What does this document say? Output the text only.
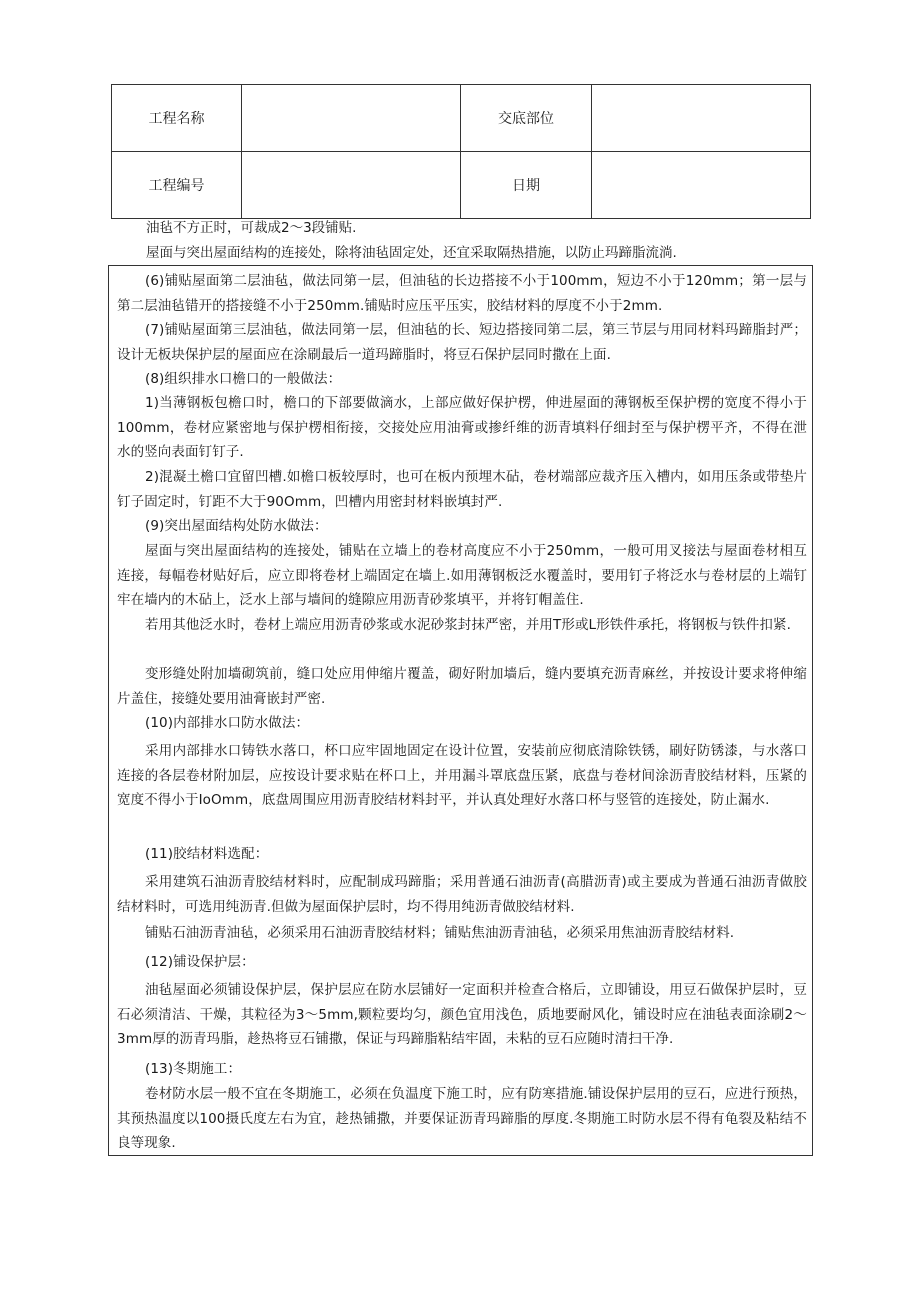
工程名称		交底部位	
工程编号		日期	
油毡不方正时，可裁成2～3段铺贴.
屋面与突出屋面结构的连接处，除将油毡固定处，还宜采取隔热措施，以防止玛蹄脂流淌.
(6)铺贴屋面第二层油毡，做法同第一层，但油毡的长边搭接不小于100mm，短边不小于120mm；第一层与第二层油毡错开的搭接缝不小于250mm.铺贴时应压平压实，胶结材料的厚度不小于2mm.
(7)铺贴屋面第三层油毡，做法同第一层，但油毡的长、短边搭接同第二层，第三节层与用同材料玛蹄脂封严；设计无板块保护层的屋面应在涂刷最后一道玛蹄脂时，将豆石保护层同时撒在上面.
(8)组织排水口檐口的一般做法：
1)当薄钢板包檐口时，檐口的下部要做滴水，上部应做好保护楞，伸进屋面的薄钢板至保护楞的宽度不得小于100mm，卷材应紧密地与保护楞相衔接，交接处应用油膏或掺纤维的沥青填料仔细封至与保护楞平齐，不得在泄水的竖向表面钉钉子.
2)混凝土檐口宜留凹槽.如檐口板较厚时，也可在板内预埋木砧，卷材端部应裁齐压入槽内，如用压条或带垫片钉子固定时，钉距不大于90Omm，凹槽内用密封材料嵌填封严.
(9)突出屋面结构处防水做法：
屋面与突出屋面结构的连接处，铺贴在立墙上的卷材高度应不小于250mm，一般可用叉接法与屋面卷材相互连接，每幅卷材贴好后，应立即将卷材上端固定在墙上.如用薄钢板泛水覆盖时，要用钉子将泛水与卷材层的上端钉牢在墙内的木砧上，泛水上部与墙间的缝隙应用沥青砂浆填平，并将钉帽盖住.
若用其他泛水时，卷材上端应用沥青砂浆或水泥砂浆封抹严密，并用T形或L形铁件承托，将钢板与铁件扣紧.
变形缝处附加墙砌筑前，缝口处应用伸缩片覆盖，砌好附加墙后，缝内要填充沥青麻丝，并按设计要求将伸缩片盖住，接缝处要用油膏嵌封严密.
(10)内部排水口防水做法：
采用内部排水口铸铁水落口，杯口应牢固地固定在设计位置，安装前应彻底清除铁锈，刷好防锈漆，与水落口连接的各层卷材附加层，应按设计要求贴在杯口上，并用漏斗罩底盘压紧，底盘与卷材间涂沥青胶结材料，压紧的宽度不得小于IoOmm，底盘周围应用沥青胶结材料封平，并认真处理好水落口杯与竖管的连接处，防止漏水.
(11)胶结材料选配：
采用建筑石油沥青胶结材料时，应配制成玛蹄脂；采用普通石油沥青(高腊沥青)或主要成为普通石油沥青做胶结材料时，可选用纯沥青.但做为屋面保护层时，均不得用纯沥青做胶结材料.
铺贴石油沥青油毡，必须采用石油沥青胶结材料；铺贴焦油沥青油毡，必须采用焦油沥青胶结材料.
(12)铺设保护层：
油毡屋面必须铺设保护层，保护层应在防水层铺好一定面积并检查合格后，立即铺设，用豆石做保护层时，豆石必须清洁、干燥，其粒径为3～5mm,颗粒要均匀，颜色宜用浅色，质地要耐风化，铺设时应在油毡表面涂刷2～3mm厚的沥青玛脂，趁热将豆石铺撒，保证与玛蹄脂粘结牢固，未粘的豆石应随时清扫干净.
(13)冬期施工：
卷材防水层一般不宜在冬期施工，必须在负温度下施工时，应有防寒措施.铺设保护层用的豆石，应进行预热，其预热温度以100摄氏度左右为宜，趁热铺撒，并要保证沥青玛蹄脂的厚度.冬期施工时防水层不得有龟裂及粘结不良等现象.
